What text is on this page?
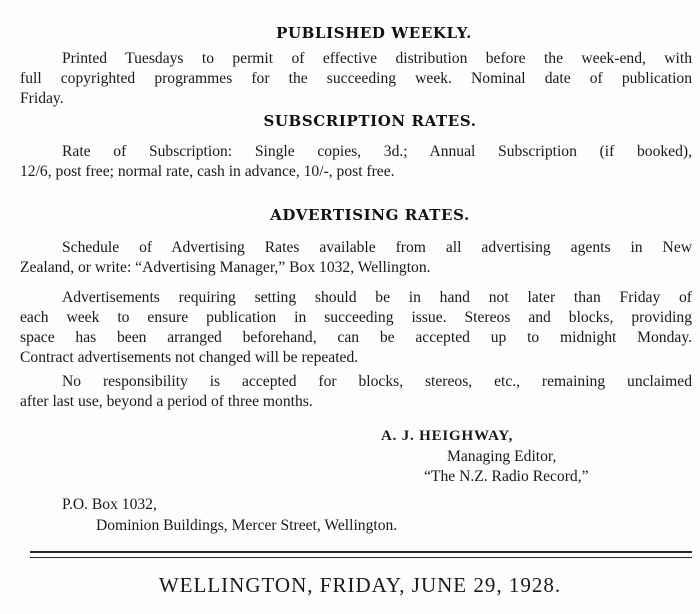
PUBLISHED WEEKLY.
Printed Tuesdays to permit of effective distribution before the week-end, with
full copyrighted programmes for the succeeding week. Nominal date of publication
Friday.
SUBSCRIPTION RATES.
Rate of Subscription: Single copies, 3d.; Annual Subscription (if booked),
12/6, post free; normal rate, cash in advance, 10/-, post free.
ADVERTISING RATES.
Schedule of Advertising Rates available from all advertising agents in New
Zealand, or write: “Advertising Manager,” Box 1032, Wellington.
Advertisements requiring setting should be in hand not later than Friday of
each week to ensure publication in succeeding issue. Stereos and blocks, providing
space has been arranged beforehand, can be accepted up to midnight Monday.
Contract advertisements not changed will be repeated.
No responsibility is accepted for blocks, stereos, etc., remaining unclaimed
after last use, beyond a period of three months.
A. J. HEIGHWAY,
Managing Editor,
“The N.Z. Radio Record,”
P.O. Box 1032,
Dominion Buildings, Mercer Street, Wellington.
WELLINGTON, FRIDAY, JUNE 29, 1928.
